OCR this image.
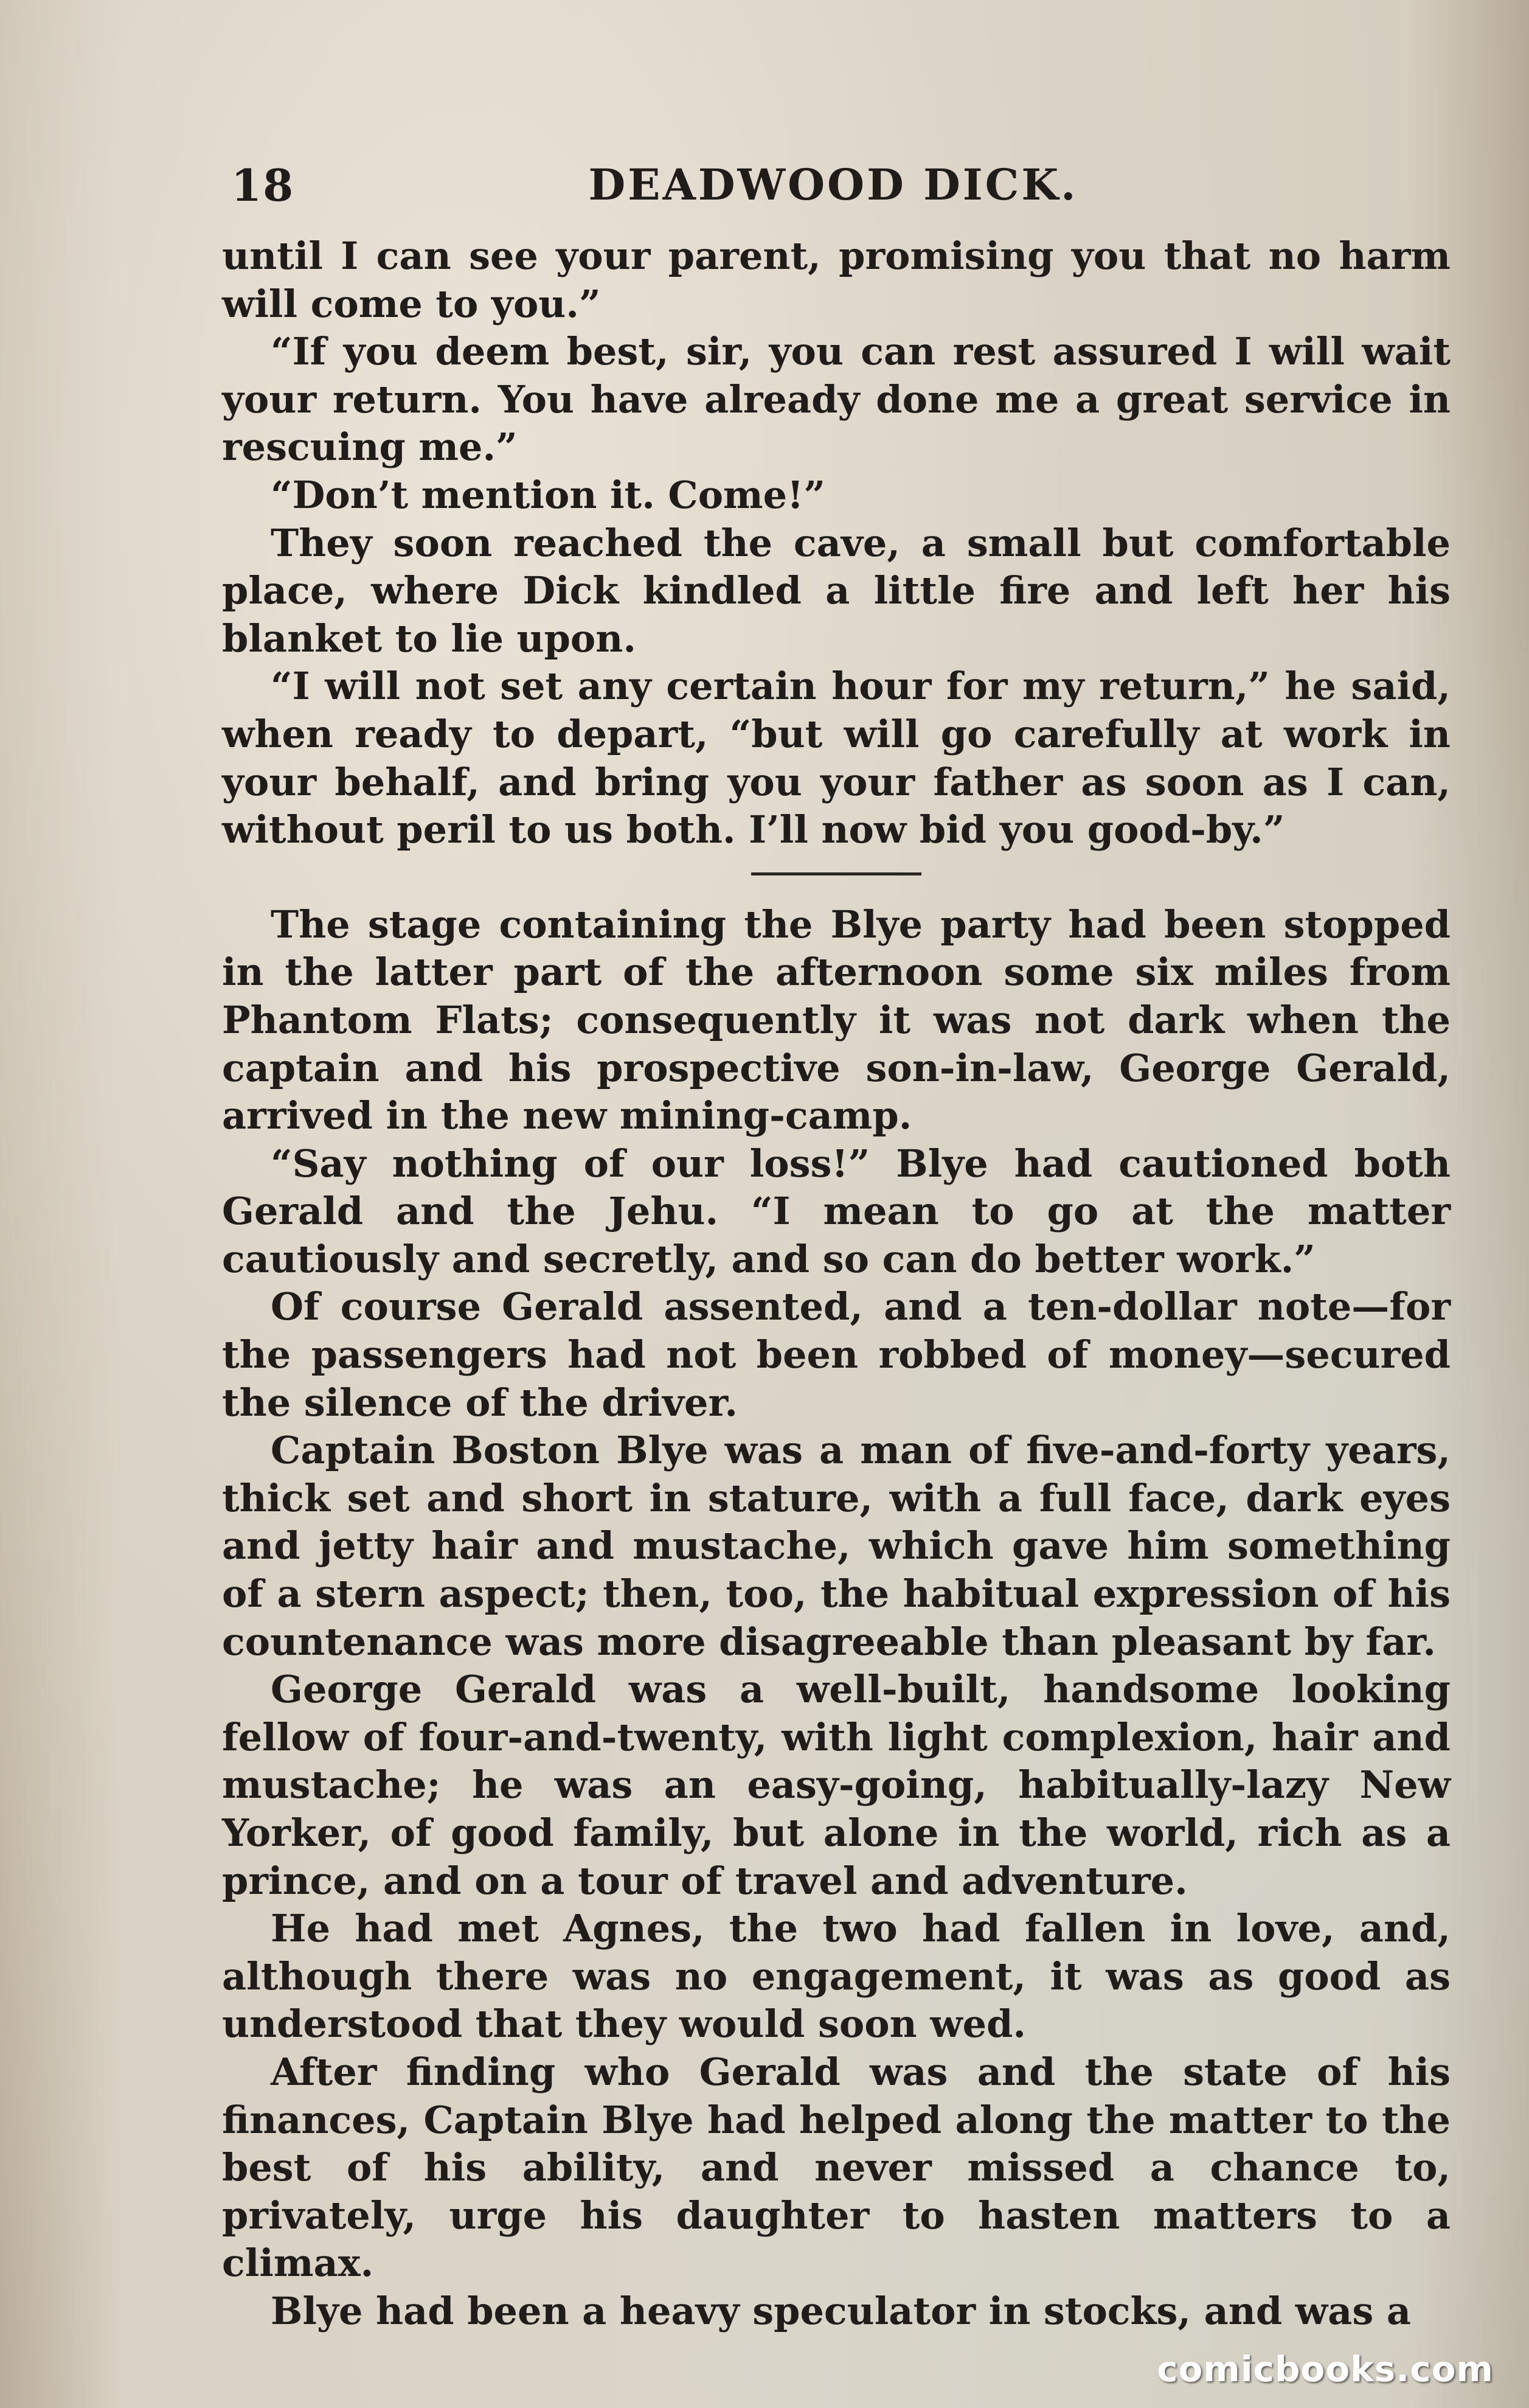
18	DEADWOOD DICK.

until I can see your parent, promising you that no harm will come to you.”

“If you deem best, sir, you can rest assured I will wait your return. You have already done me a great service in rescuing me.”

“Don’t mention it. Come!”

They soon reached the cave, a small but comfortable place, where Dick kindled a little fire and left her his blanket to lie upon.

“I will not set any certain hour for my return,” he said, when ready to depart, “but will go carefully at work in your behalf, and bring you your father as soon as I can, without peril to us both. I’ll now bid you good-by.”

The stage containing the Blye party had been stopped in the latter part of the afternoon some six miles from Phantom Flats; consequently it was not dark when the captain and his prospective son-in-law, George Gerald, arrived in the new mining-camp.

“Say nothing of our loss!” Blye had cautioned both Gerald and the Jehu. “I mean to go at the matter cautiously and secretly, and so can do better work.”

Of course Gerald assented, and a ten-dollar note—for the passengers had not been robbed of money—secured the silence of the driver.

Captain Boston Blye was a man of five-and-forty years, thick set and short in stature, with a full face, dark eyes and jetty hair and mustache, which gave him something of a stern aspect; then, too, the habitual expression of his countenance was more disagreeable than pleasant by far.

George Gerald was a well-built, handsome looking fellow of four-and-twenty, with light complexion, hair and mustache; he was an easy-going, habitually-lazy New Yorker, of good family, but alone in the world, rich as a prince, and on a tour of travel and adventure.

He had met Agnes, the two had fallen in love, and, although there was no engagement, it was as good as understood that they would soon wed.

After finding who Gerald was and the state of his finances, Captain Blye had helped along the matter to the best of his ability, and never missed a chance to, privately, urge his daughter to hasten matters to a climax.

Blye had been a heavy speculator in stocks, and was a

comicbooks.com
